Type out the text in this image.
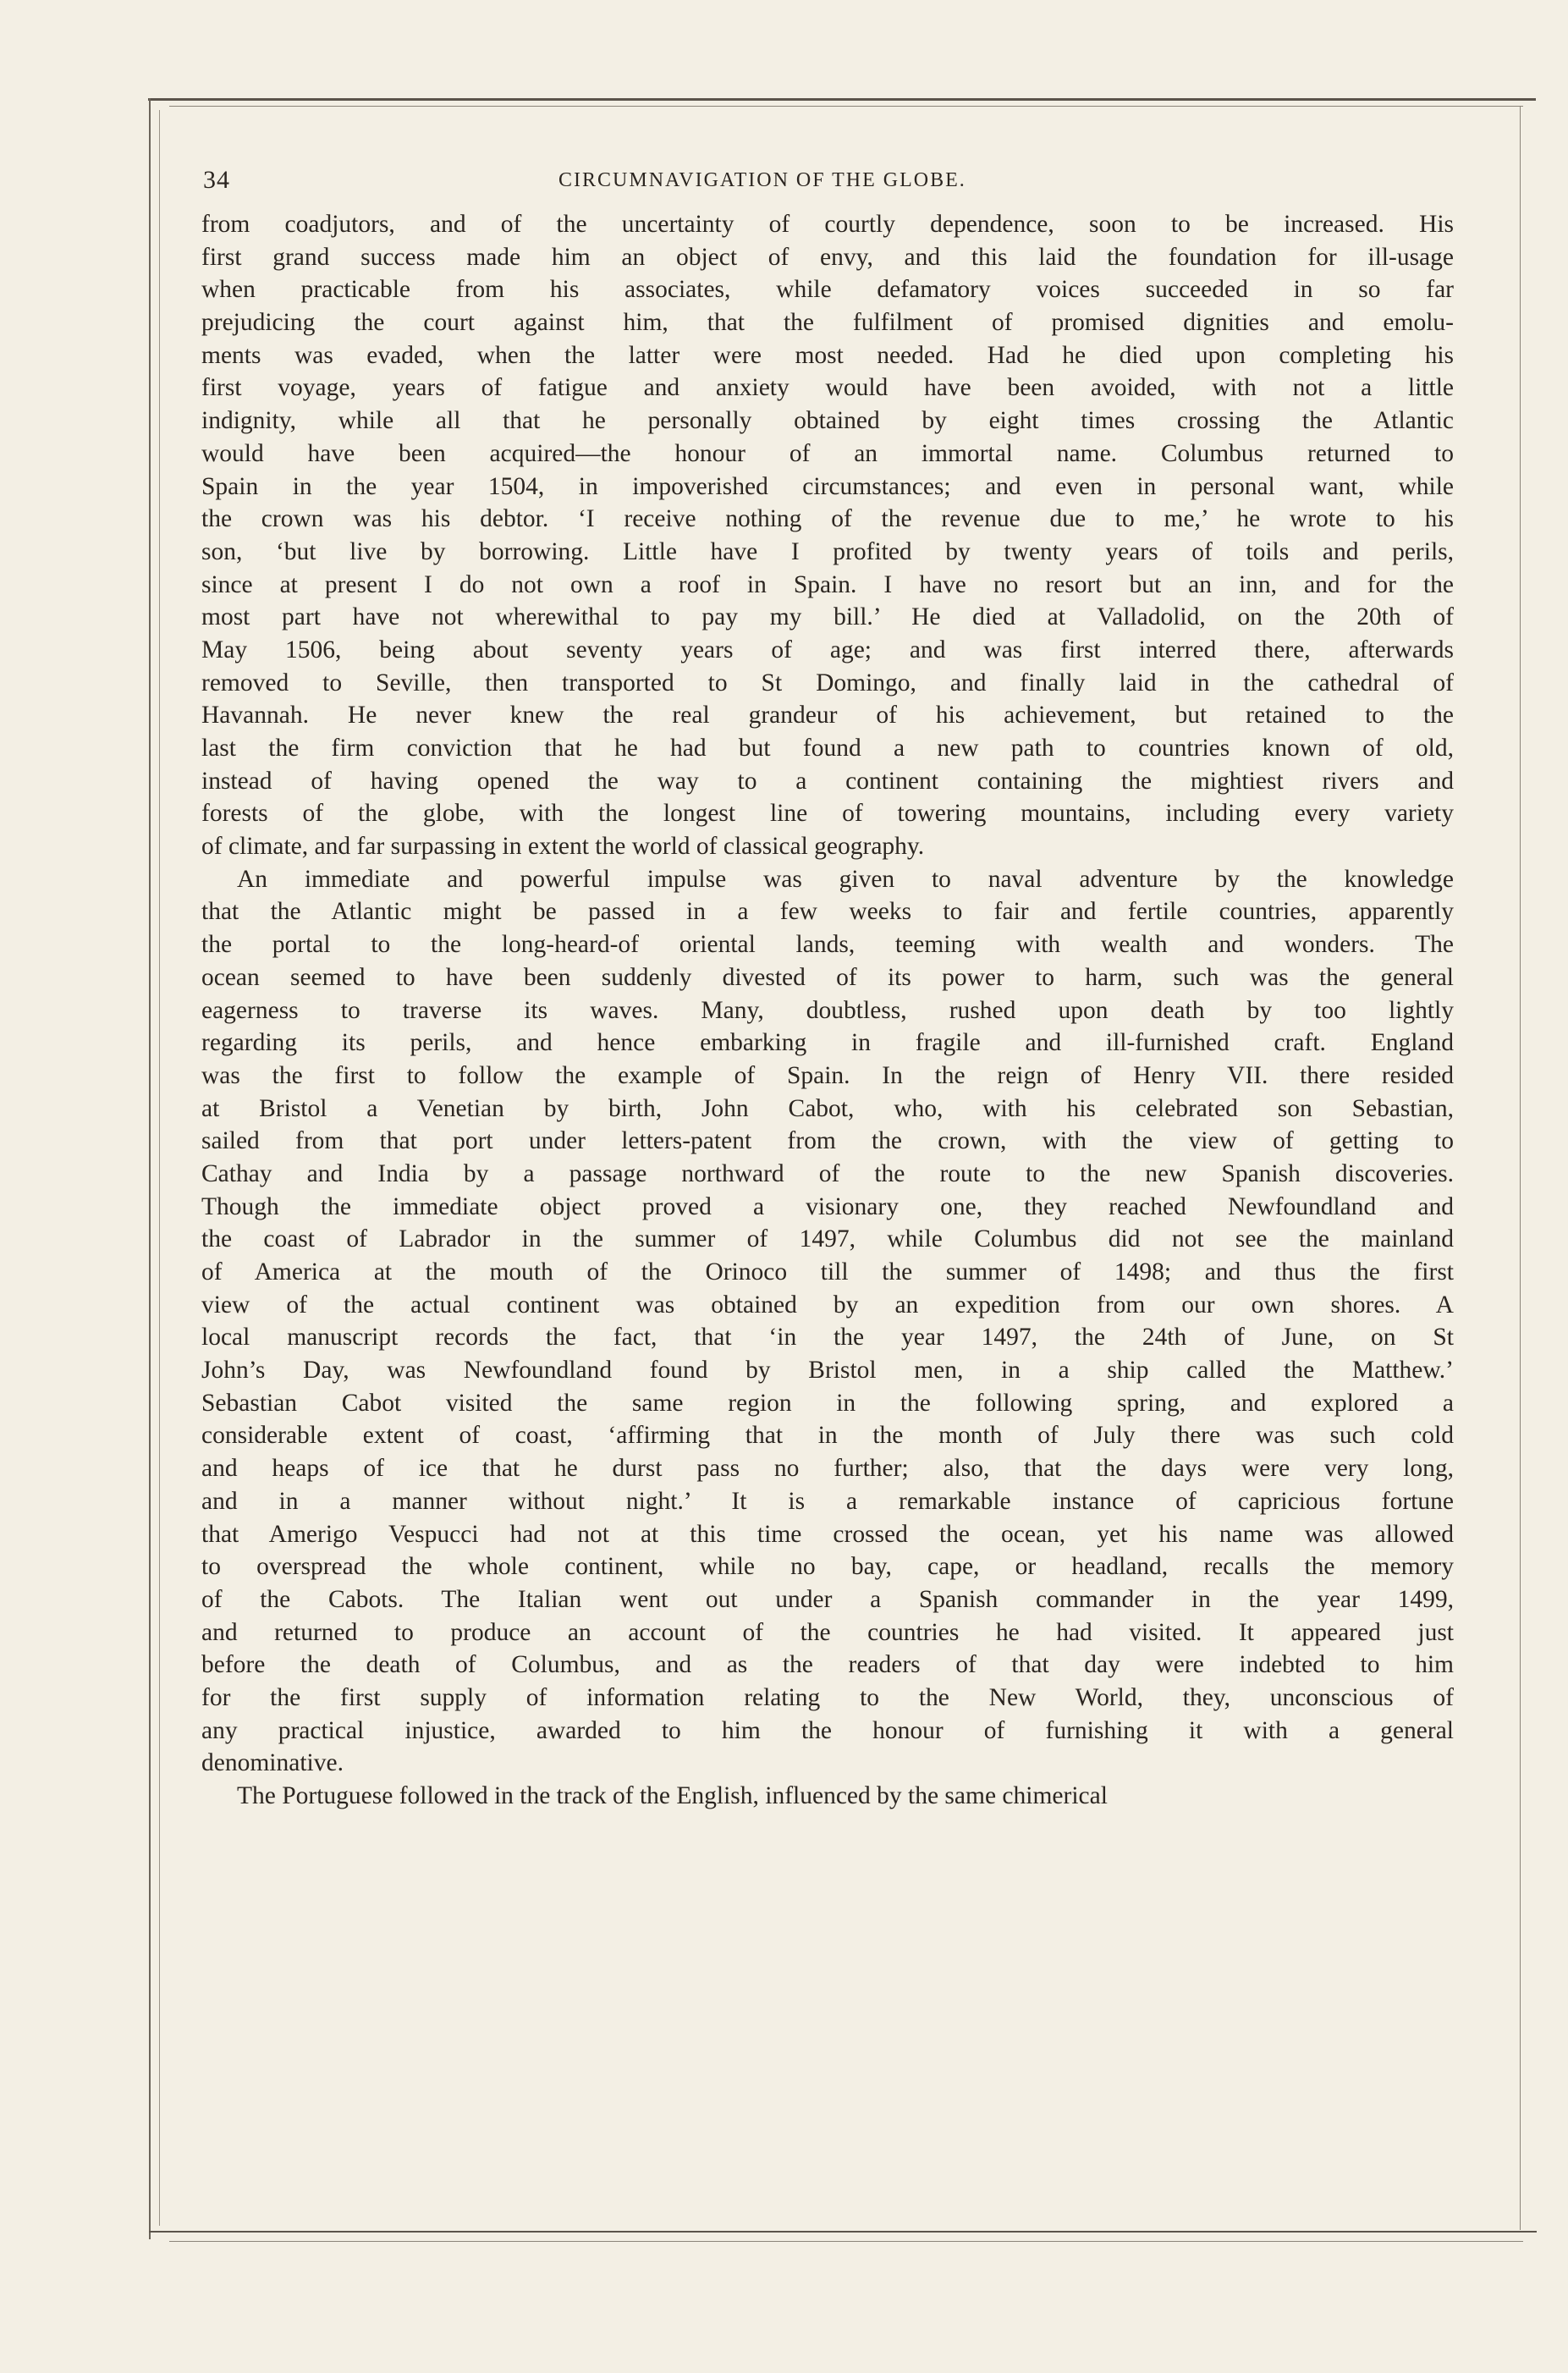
34	CIRCUMNAVIGATION OF THE GLOBE.
from coadjutors, and of the uncertainty of courtly dependence, soon to be increased. His
first grand success made him an object of envy, and this laid the foundation for ill-usage
when practicable from his associates, while defamatory voices succeeded in so far
prejudicing the court against him, that the fulfilment of promised dignities and emolu-
ments was evaded, when the latter were most needed. Had he died upon completing his
first voyage, years of fatigue and anxiety would have been avoided, with not a little
indignity, while all that he personally obtained by eight times crossing the Atlantic
would have been acquired—the honour of an immortal name. Columbus returned to
Spain in the year 1504, in impoverished circumstances; and even in personal want, while
the crown was his debtor. ‘I receive nothing of the revenue due to me,’ he wrote to his
son, ‘but live by borrowing. Little have I profited by twenty years of toils and perils,
since at present I do not own a roof in Spain. I have no resort but an inn, and for the
most part have not wherewithal to pay my bill.’ He died at Valladolid, on the 20th of
May 1506, being about seventy years of age; and was first interred there, afterwards
removed to Seville, then transported to St Domingo, and finally laid in the cathedral of
Havannah. He never knew the real grandeur of his achievement, but retained to the
last the firm conviction that he had but found a new path to countries known of old,
instead of having opened the way to a continent containing the mightiest rivers and
forests of the globe, with the longest line of towering mountains, including every variety
of climate, and far surpassing in extent the world of classical geography.
An immediate and powerful impulse was given to naval adventure by the knowledge
that the Atlantic might be passed in a few weeks to fair and fertile countries, apparently
the portal to the long-heard-of oriental lands, teeming with wealth and wonders. The
ocean seemed to have been suddenly divested of its power to harm, such was the general
eagerness to traverse its waves. Many, doubtless, rushed upon death by too lightly
regarding its perils, and hence embarking in fragile and ill-furnished craft. England
was the first to follow the example of Spain. In the reign of Henry VII. there resided
at Bristol a Venetian by birth, John Cabot, who, with his celebrated son Sebastian,
sailed from that port under letters-patent from the crown, with the view of getting to
Cathay and India by a passage northward of the route to the new Spanish discoveries.
Though the immediate object proved a visionary one, they reached Newfoundland and
the coast of Labrador in the summer of 1497, while Columbus did not see the mainland
of America at the mouth of the Orinoco till the summer of 1498; and thus the first
view of the actual continent was obtained by an expedition from our own shores. A
local manuscript records the fact, that ‘in the year 1497, the 24th of June, on St
John’s Day, was Newfoundland found by Bristol men, in a ship called the Matthew.’
Sebastian Cabot visited the same region in the following spring, and explored a
considerable extent of coast, ‘affirming that in the month of July there was such cold
and heaps of ice that he durst pass no further; also, that the days were very long,
and in a manner without night.’ It is a remarkable instance of capricious fortune
that Amerigo Vespucci had not at this time crossed the ocean, yet his name was allowed
to overspread the whole continent, while no bay, cape, or headland, recalls the memory
of the Cabots. The Italian went out under a Spanish commander in the year 1499,
and returned to produce an account of the countries he had visited. It appeared just
before the death of Columbus, and as the readers of that day were indebted to him
for the first supply of information relating to the New World, they, unconscious of
any practical injustice, awarded to him the honour of furnishing it with a general
denominative.
The Portuguese followed in the track of the English, influenced by the same chimerical
